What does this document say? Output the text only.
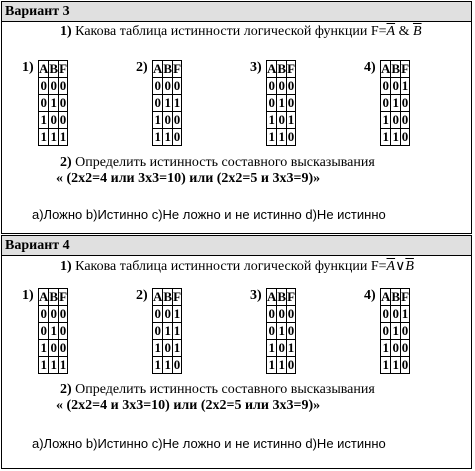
Вариант 3
1) Какова таблица истинности логической функции $F=\overline{A}$ & $\overline{B}$
1) A	B	F
0	0	0
0	1	0
1	0	0
1	1	1
2) A	B	F
0	0	0
0	1	1
1	0	0
1	1	0
3) A	B	F
0	0	0
0	1	0
1	0	1
1	1	0
4) A	B	F
0	0	1
0	1	0
1	0	0
1	1	0
2) Определить истинность составного высказывания
« (2х2=4 или 3х3=10) или (2х2=5 и 3х3=9)»
а)Ложно b)Истинно c)Не ложно и не истинно d)Не истинно
Вариант 4
1) Какова таблица истинности логической функции $F=\overline{A}\vee\overline{B}$
1) A	B	F
0	0	0
0	1	0
1	0	0
1	1	1
2) A	B	F
0	0	1
0	1	1
1	0	1
1	1	0
3) A	B	F
0	0	0
0	1	0
1	0	1
1	1	0
4) A	B	F
0	0	1
0	1	0
1	0	0
1	1	0
2) Определить истинность составного высказывания
« (2х2=4 и 3х3=10) или (2х2=5 или 3х3=9)»
а)Ложно b)Истинно c)Не ложно и не истинно d)Не истинно
